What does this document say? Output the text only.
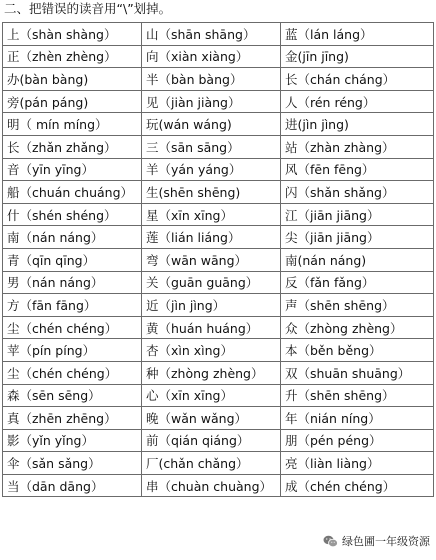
二、把错误的读音用“\”划掉。
上（shàn shàng）	山（shān shāng）	蓝（lán láng）
正（zhèn zhèng）	向（xiàn xiàng）	金(jīn jīng)
办(bàn bàng)	半（bàn bàng）	长（chán cháng）
旁(pán páng)	见（jiàn jiàng）	人（rén réng）
明（ mín míng）	玩(wán wáng)	进(jìn jìng)
长（zhǎn zhǎng）	三（sān sāng）	站（zhàn zhàng）
音（yīn yīng）	羊（yán yáng）	风（fēn fēng）
船（chuán chuáng）	生(shēn shēng)	闪（shǎn shǎng）
什（shén shéng）	星（xīn xīng）	江（jiān jiāng）
南（nán náng）	莲（lián liáng）	尖（jiān jiāng）
青（qīn qīng）	弯（wān wāng）	南(nán náng)
男（nán náng）	关（guān guāng）	反（fǎn fǎng）
方（fān fāng）	近（jìn jìng）	声（shēn shēng）
尘（chén chéng）	黄（huán huáng）	众（zhòng zhèng）
苹（pín píng）	杏（xìn xìng）	本（běn běng）
尘（chén chéng）	种（zhòng zhèng）	双（shuān shuāng）
森（sēn sēng）	心（xīn xīng）	升（shēn shēng）
真（zhēn zhēng）	晚（wǎn wǎng）	年（nián níng）
影（yǐn yǐng）	前（qián qiáng）	朋（pén péng）
伞（sǎn sǎng）	厂(chǎn chǎng）	亮（liàn liàng）
当（dān dāng）	串（chuàn chuàng）	成（chén chéng）
绿色圃一年级资源
